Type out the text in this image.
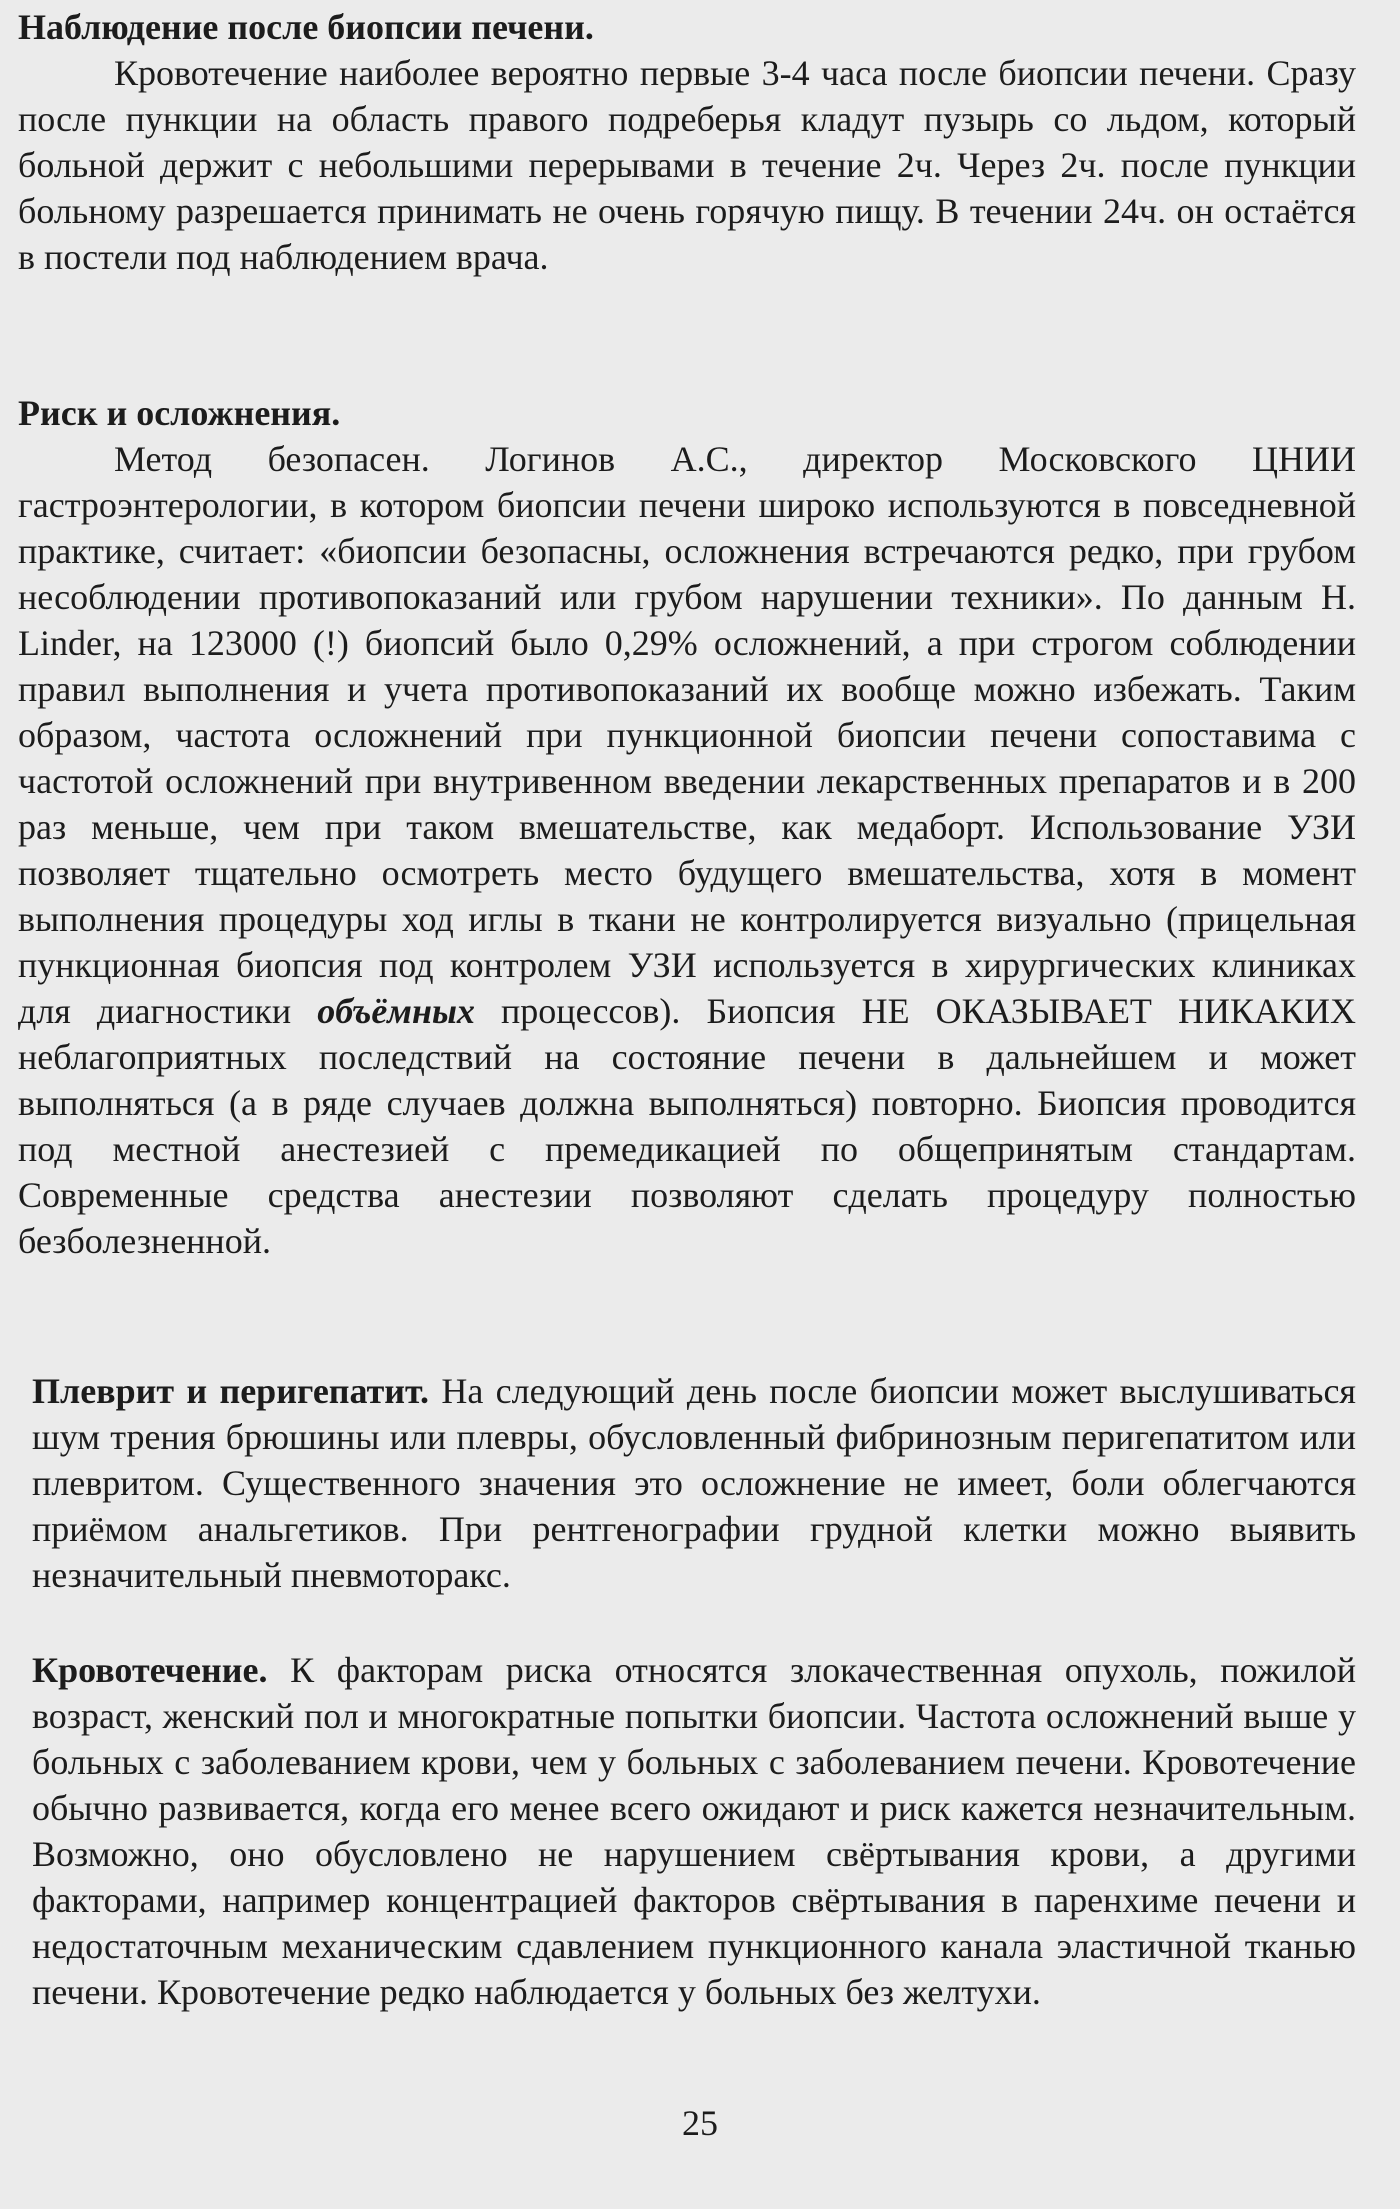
Наблюдение после биопсии печени.

Кровотечение наиболее вероятно первые 3-4 часа после биопсии печени. Сразу после пункции на область правого подреберья кладут пузырь со льдом, который больной держит с небольшими перерывами в течение 2ч. Через 2ч. после пункции больному разрешается принимать не очень горячую пищу. В течении 24ч. он остаётся в постели под наблюдением врача.

Риск и осложнения.

Метод безопасен. Логинов А.С., директор Московского ЦНИИ гастроэнтерологии, в котором биопсии печени широко используются в повседневной практике, считает: «биопсии безопасны, осложнения встречаются редко, при грубом несоблюдении противопоказаний или грубом нарушении техники». По данным H. Linder, на 123000 (!) биопсий было 0,29% осложнений, а при строгом соблюдении правил выполнения и учета противопоказаний их вообще можно избежать. Таким образом, частота осложнений при пункционной биопсии печени сопоставима с частотой осложнений при внутривенном введении лекарственных препаратов и в 200 раз меньше, чем при таком вмешательстве, как медаборт. Использование УЗИ позволяет тщательно осмотреть место будущего вмешательства, хотя в момент выполнения процедуры ход иглы в ткани не контролируется визуально (прицельная пункционная биопсия под контролем УЗИ используется в хирургических клиниках для диагностики объёмных процессов). Биопсия НЕ ОКАЗЫВАЕТ НИКАКИХ неблагоприятных последствий на состояние печени в дальнейшем и может выполняться (а в ряде случаев должна выполняться) повторно. Биопсия проводится под местной анестезией с премедикацией по общепринятым стандартам. Современные средства анестезии позволяют сделать процедуру полностью безболезненной.

Плеврит и перигепатит. На следующий день после биопсии может выслушиваться шум трения брюшины или плевры, обусловленный фибринозным перигепатитом или плевритом. Существенного значения это осложнение не имеет, боли облегчаются приёмом анальгетиков. При рентгенографии грудной клетки можно выявить незначительный пневмоторакс.

Кровотечение. К факторам риска относятся злокачественная опухоль, пожилой возраст, женский пол и многократные попытки биопсии. Частота осложнений выше у больных с заболеванием крови, чем у больных с заболеванием печени. Кровотечение обычно развивается, когда его менее всего ожидают и риск кажется незначительным. Возможно, оно обусловлено не нарушением свёртывания крови, а другими факторами, например концентрацией факторов свёртывания в паренхиме печени и недостаточным механическим сдавлением пункционного канала эластичной тканью печени. Кровотечение редко наблюдается у больных без желтухи.

25
